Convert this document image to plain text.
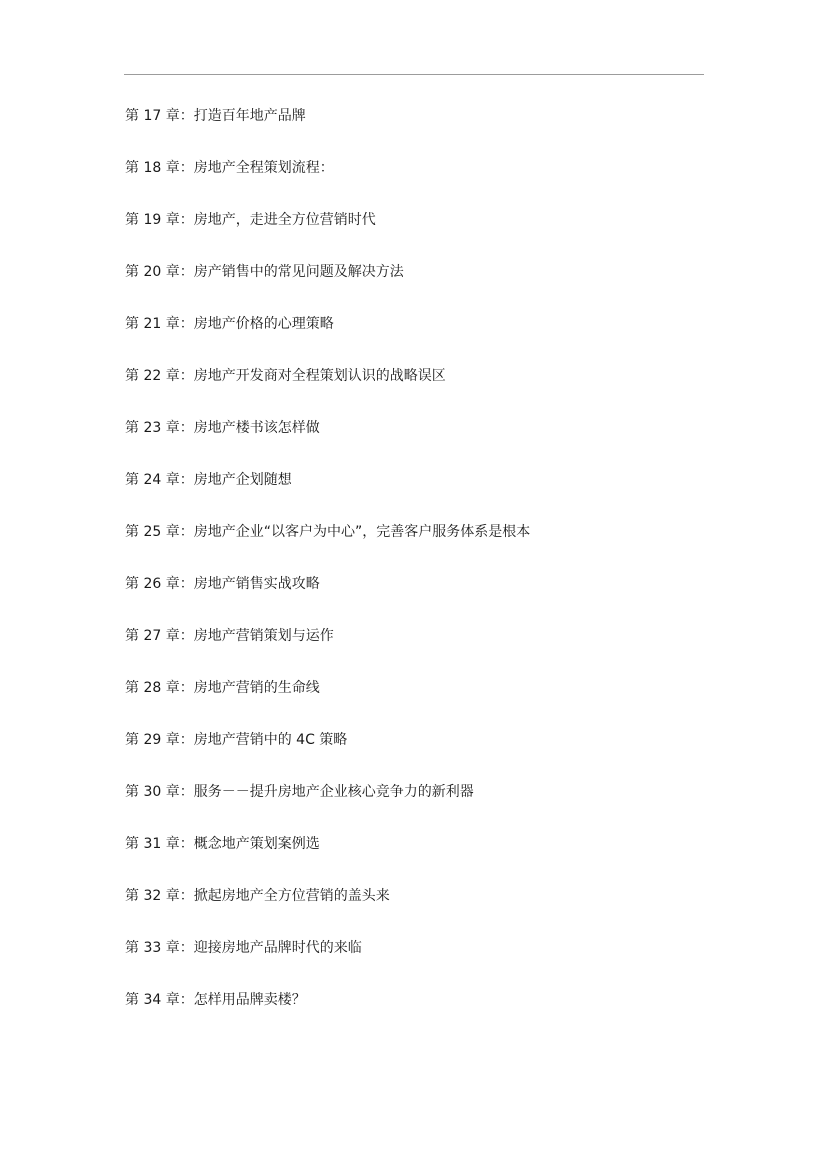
第 17 章：打造百年地产品牌
第 18 章：房地产全程策划流程：
第 19 章：房地产，走进全方位营销时代
第 20 章：房产销售中的常见问题及解决方法
第 21 章：房地产价格的心理策略
第 22 章：房地产开发商对全程策划认识的战略误区
第 23 章：房地产楼书该怎样做
第 24 章：房地产企划随想
第 25 章：房地产企业“以客户为中心”，完善客户服务体系是根本
第 26 章：房地产销售实战攻略
第 27 章：房地产营销策划与运作
第 28 章：房地产营销的生命线
第 29 章：房地产营销中的 4C 策略
第 30 章：服务－－提升房地产企业核心竞争力的新利器
第 31 章：概念地产策划案例选
第 32 章：掀起房地产全方位营销的盖头来
第 33 章：迎接房地产品牌时代的来临
第 34 章：怎样用品牌卖楼？
